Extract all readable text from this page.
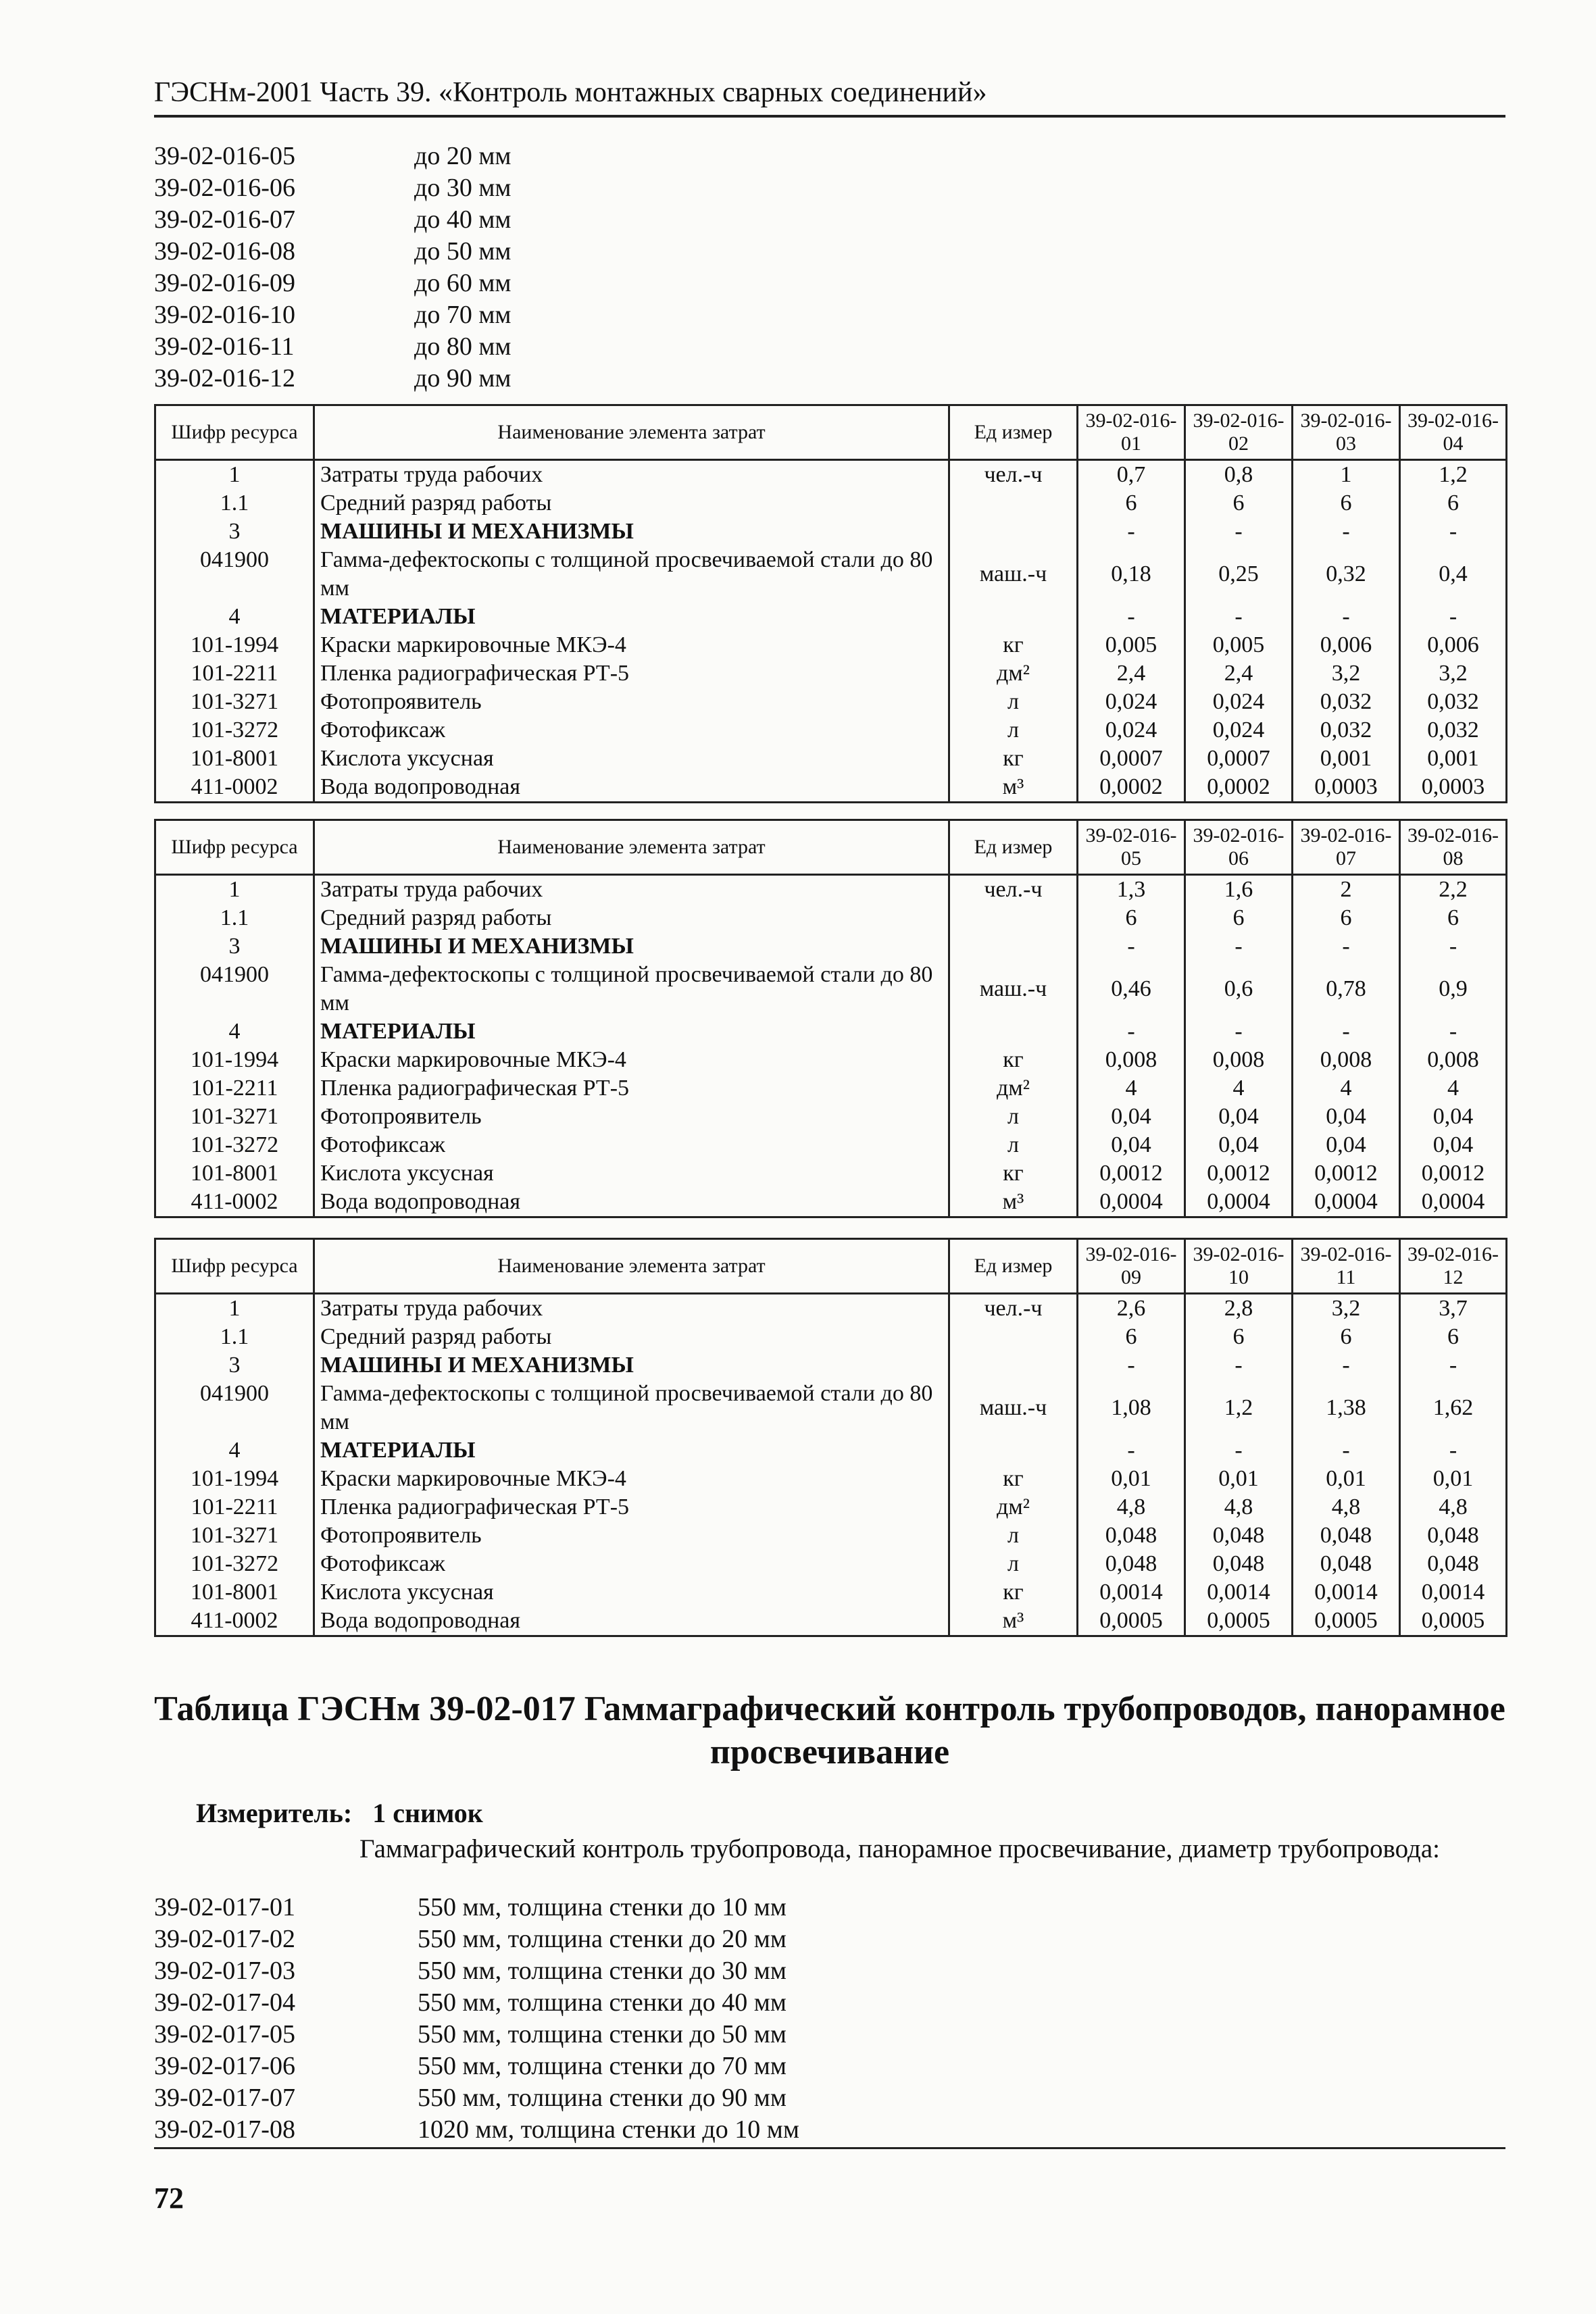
ГЭСНм-2001 Часть 39. «Контроль монтажных сварных соединений»
39-02-016-05	до 20 мм
39-02-016-06	до 30 мм
39-02-016-07	до 40 мм
39-02-016-08	до 50 мм
39-02-016-09	до 60 мм
39-02-016-10	до 70 мм
39-02-016-11	до 80 мм
39-02-016-12	до 90 мм
Шифр ресурса	Наименование элемента затрат	Ед измер	39-02-016-01	39-02-016-02	39-02-016-03	39-02-016-04
1	Затраты труда рабочих	чел.-ч	0,7	0,8	1	1,2
1.1	Средний разряд работы		6	6	6	6
3	МАШИНЫ И МЕХАНИЗМЫ		-	-	-	-
041900	Гамма-дефектоскопы с толщиной просвечиваемой стали до 80 мм	маш.-ч	0,18	0,25	0,32	0,4
4	МАТЕРИАЛЫ		-	-	-	-
101-1994	Краски маркировочные МКЭ-4	кг	0,005	0,005	0,006	0,006
101-2211	Пленка радиографическая РТ-5	дм²	2,4	2,4	3,2	3,2
101-3271	Фотопроявитель	л	0,024	0,024	0,032	0,032
101-3272	Фотофиксаж	л	0,024	0,024	0,032	0,032
101-8001	Кислота уксусная	кг	0,0007	0,0007	0,001	0,001
411-0002	Вода водопроводная	м³	0,0002	0,0002	0,0003	0,0003
Шифр ресурса	Наименование элемента затрат	Ед измер	39-02-016-05	39-02-016-06	39-02-016-07	39-02-016-08
1	Затраты труда рабочих	чел.-ч	1,3	1,6	2	2,2
1.1	Средний разряд работы		6	6	6	6
3	МАШИНЫ И МЕХАНИЗМЫ		-	-	-	-
041900	Гамма-дефектоскопы с толщиной просвечиваемой стали до 80 мм	маш.-ч	0,46	0,6	0,78	0,9
4	МАТЕРИАЛЫ		-	-	-	-
101-1994	Краски маркировочные МКЭ-4	кг	0,008	0,008	0,008	0,008
101-2211	Пленка радиографическая РТ-5	дм²	4	4	4	4
101-3271	Фотопроявитель	л	0,04	0,04	0,04	0,04
101-3272	Фотофиксаж	л	0,04	0,04	0,04	0,04
101-8001	Кислота уксусная	кг	0,0012	0,0012	0,0012	0,0012
411-0002	Вода водопроводная	м³	0,0004	0,0004	0,0004	0,0004
Шифр ресурса	Наименование элемента затрат	Ед измер	39-02-016-09	39-02-016-10	39-02-016-11	39-02-016-12
1	Затраты труда рабочих	чел.-ч	2,6	2,8	3,2	3,7
1.1	Средний разряд работы		6	6	6	6
3	МАШИНЫ И МЕХАНИЗМЫ		-	-	-	-
041900	Гамма-дефектоскопы с толщиной просвечиваемой стали до 80 мм	маш.-ч	1,08	1,2	1,38	1,62
4	МАТЕРИАЛЫ		-	-	-	-
101-1994	Краски маркировочные МКЭ-4	кг	0,01	0,01	0,01	0,01
101-2211	Пленка радиографическая РТ-5	дм²	4,8	4,8	4,8	4,8
101-3271	Фотопроявитель	л	0,048	0,048	0,048	0,048
101-3272	Фотофиксаж	л	0,048	0,048	0,048	0,048
101-8001	Кислота уксусная	кг	0,0014	0,0014	0,0014	0,0014
411-0002	Вода водопроводная	м³	0,0005	0,0005	0,0005	0,0005
Таблица ГЭСНм 39-02-017 Гаммаграфический контроль трубопроводов, панорамное просвечивание
Измеритель: 1 снимок
Гаммаграфический контроль трубопровода, панорамное просвечивание, диаметр трубопровода:
39-02-017-01	550 мм, толщина стенки до 10 мм
39-02-017-02	550 мм, толщина стенки до 20 мм
39-02-017-03	550 мм, толщина стенки до 30 мм
39-02-017-04	550 мм, толщина стенки до 40 мм
39-02-017-05	550 мм, толщина стенки до 50 мм
39-02-017-06	550 мм, толщина стенки до 70 мм
39-02-017-07	550 мм, толщина стенки до 90 мм
39-02-017-08	1020 мм, толщина стенки до 10 мм
72
